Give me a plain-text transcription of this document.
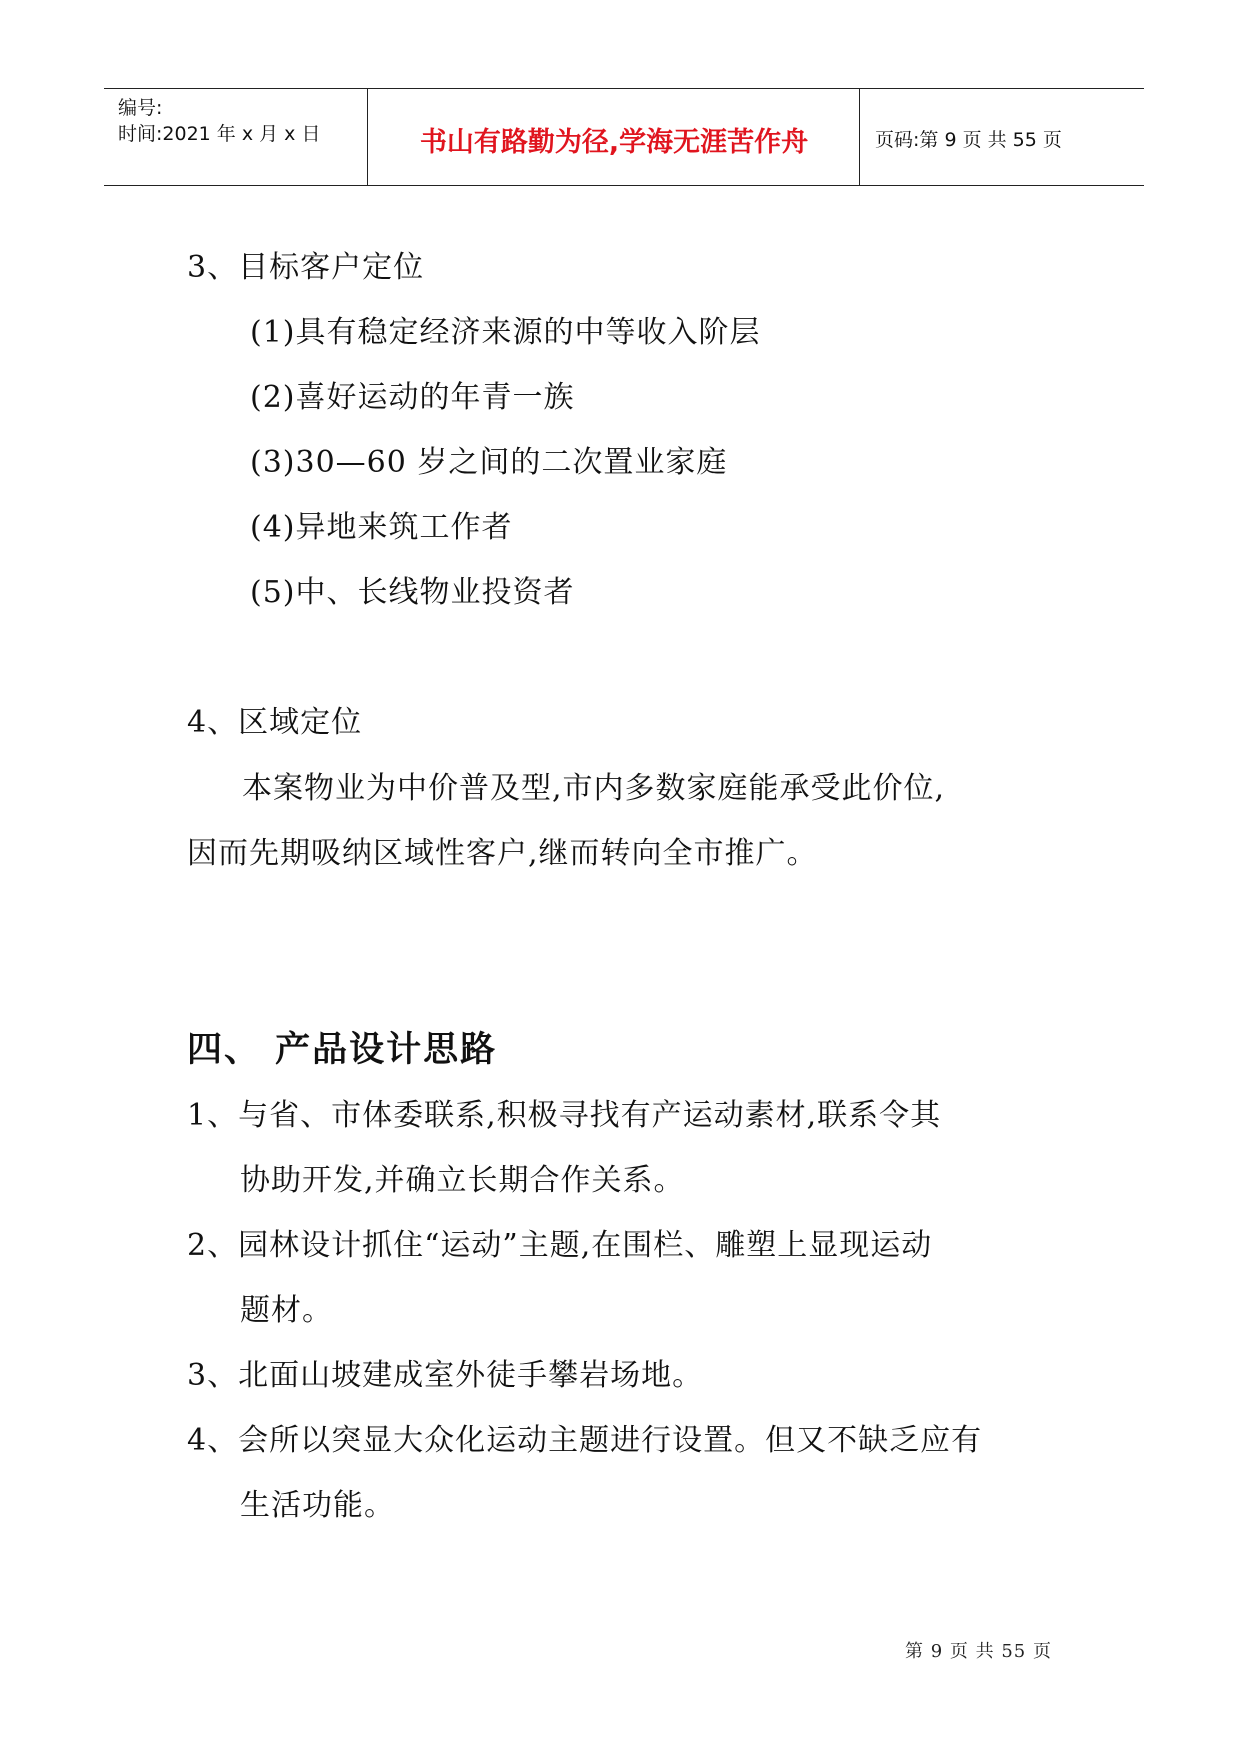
编号:
时间:2021 年 x 月 x 日	书山有路勤为径,学海无涯苦作舟	页码:第 9 页 共 55 页
3、目标客户定位
(1)具有稳定经济来源的中等收入阶层
(2)喜好运动的年青一族
(3)30—60 岁之间的二次置业家庭
(4)异地来筑工作者
(5)中、长线物业投资者
4、区域定位
本案物业为中价普及型,市内多数家庭能承受此价位,
因而先期吸纳区域性客户,继而转向全市推广。
四、 产品设计思路
1、与省、市体委联系,积极寻找有产运动素材,联系令其
协助开发,并确立长期合作关系。
2、园林设计抓住“运动”主题,在围栏、雕塑上显现运动
题材。
3、北面山坡建成室外徒手攀岩场地。
4、会所以突显大众化运动主题进行设置。但又不缺乏应有
生活功能。
第 9 页 共 55 页
